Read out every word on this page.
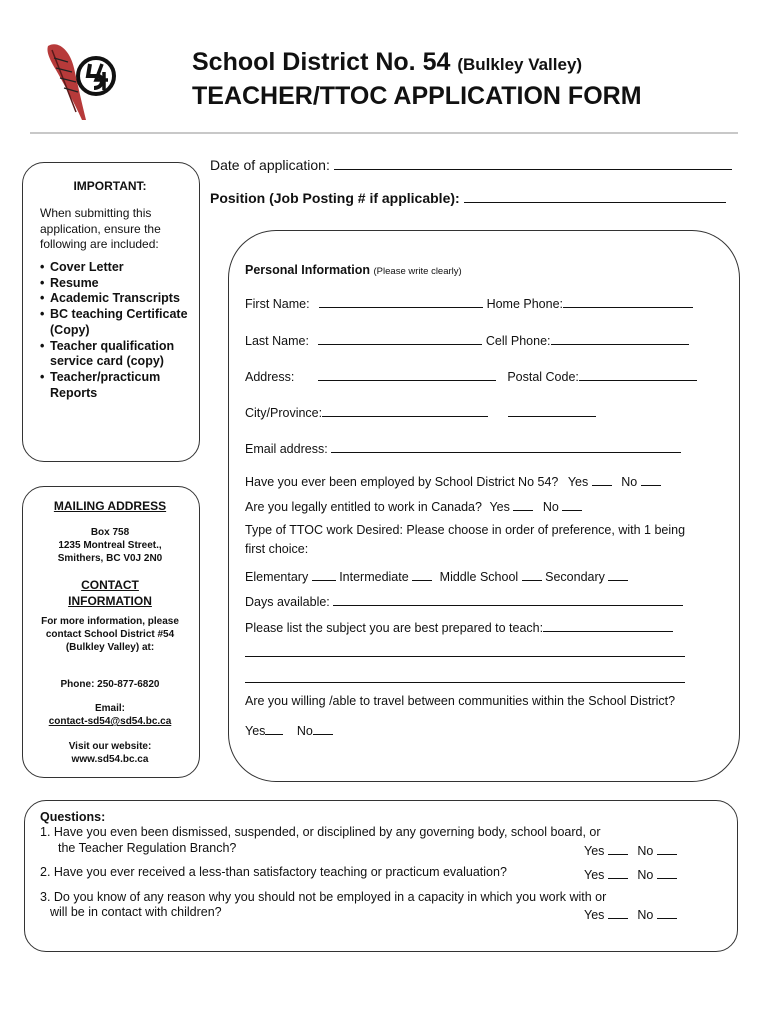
School District No. 54 (Bulkley Valley)
TEACHER/TTOC APPLICATION FORM
Date of application:
Position (Job Posting # if applicable):
IMPORTANT:
When submitting this application, ensure the following are included:
• Cover Letter
• Resume
• Academic Transcripts
• BC teaching Certificate (Copy)
• Teacher qualification service card (copy)
• Teacher/practicum Reports
MAILING ADDRESS
Box 758
1235 Montreal Street.,
Smithers, BC V0J 2N0
CONTACT INFORMATION
For more information, please contact School District #54 (Bulkley Valley) at:
Phone: 250-877-6820
Email:
contact-sd54@sd54.bc.ca
Visit our website:
www.sd54.bc.ca
Personal Information (Please write clearly)
First Name:	Home Phone:
Last Name:	Cell Phone:
Address:	Postal Code:
City/Province:
Email address:
Have you ever been employed by School District No 54? Yes	No
Are you legally entitled to work in Canada? Yes	No
Type of TTOC work Desired: Please choose in order of preference, with 1 being first choice:
Elementary Intermediate Middle School Secondary
Days available:
Please list the subject you are best prepared to teach:
Are you willing /able to travel between communities within the School District?
Yes	No
Questions:
1. Have you even been dismissed, suspended, or disciplined by any governing body, school board, or
the Teacher Regulation Branch?	Yes	No
2. Have you ever received a less-than satisfactory teaching or practicum evaluation?	Yes	No
3. Do you know of any reason why you should not be employed in a capacity in which you work with or
will be in contact with children?	Yes	No
